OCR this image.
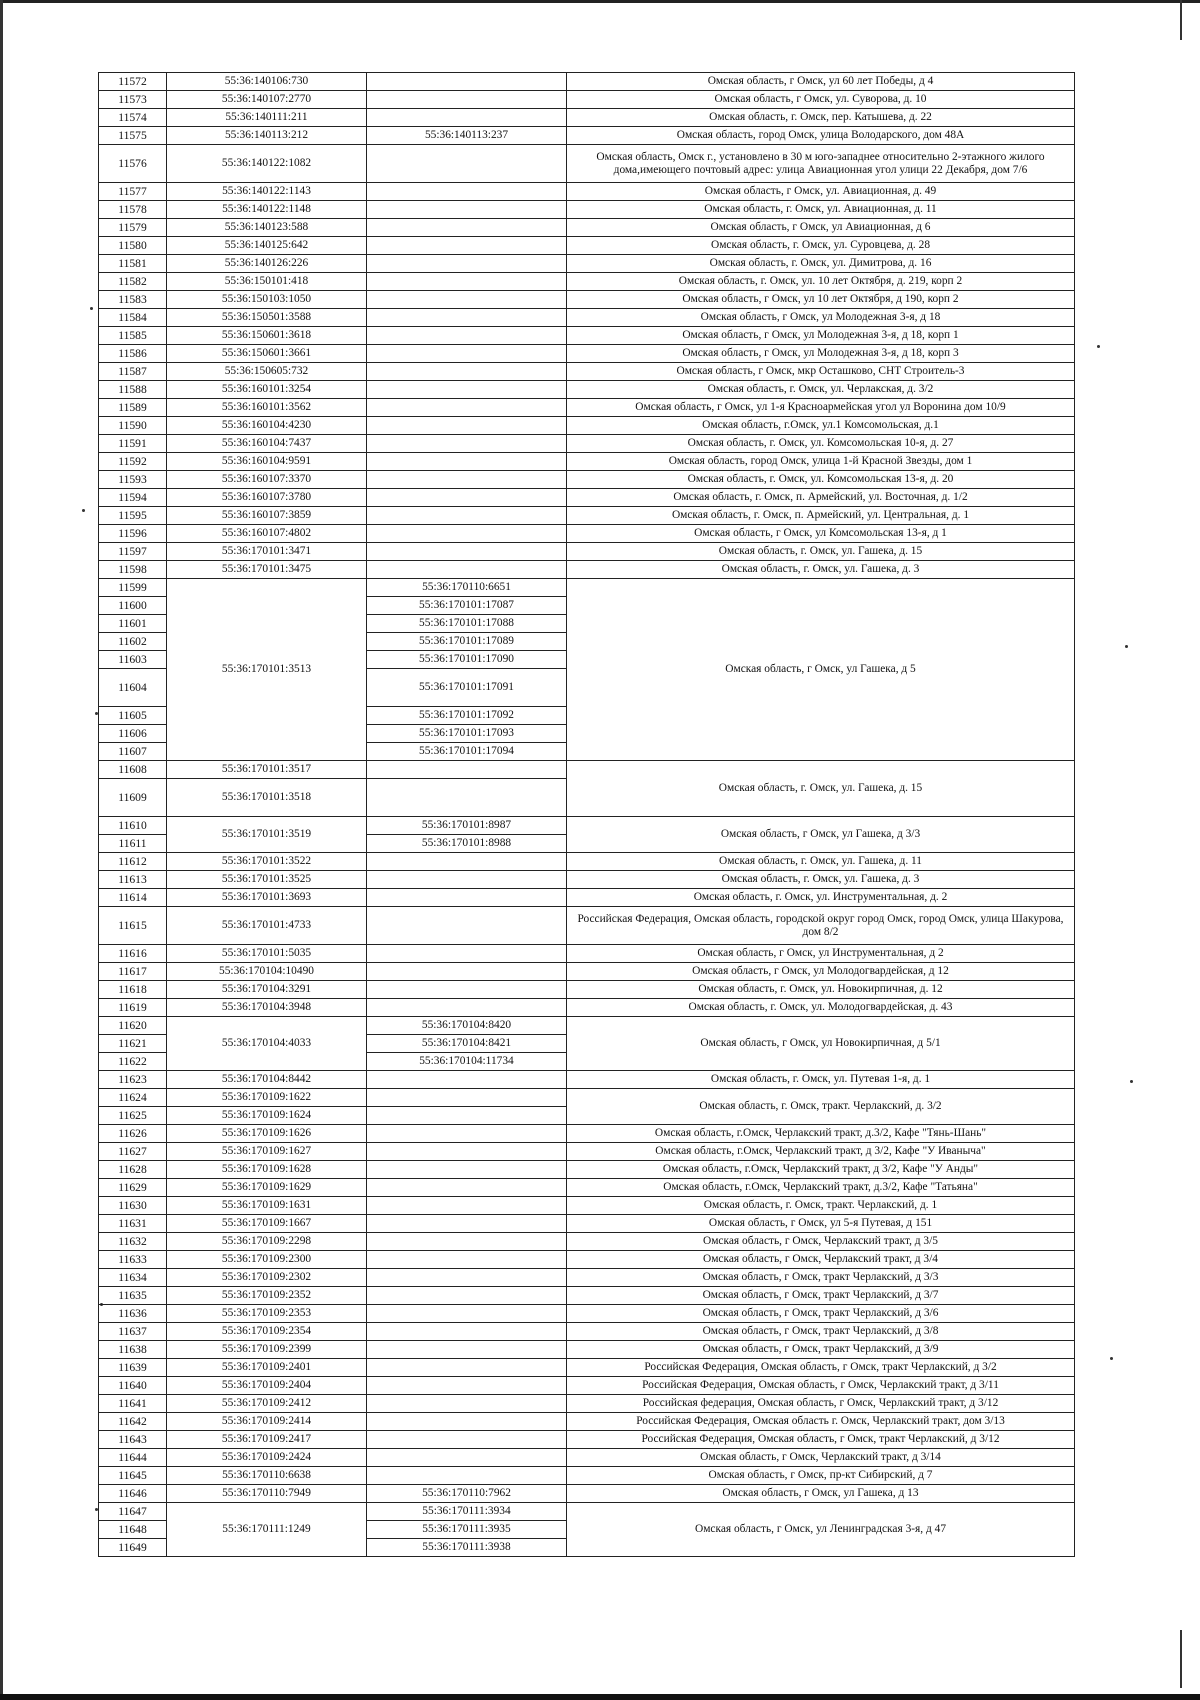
11572	55:36:140106:730		Омская область, г Омск, ул 60 лет Победы, д 4
11573	55:36:140107:2770		Омская область, г Омск, ул. Суворова, д. 10
11574	55:36:140111:211		Омская область, г. Омск, пер. Катышева, д. 22
11575	55:36:140113:212	55:36:140113:237	Омская область, город Омск, улица Володарского, дом 48А
11576	55:36:140122:1082		Омская область, Омск г., установлено в 30 м юго-западнее относительно 2-этажного жилого дома,имеющего почтовый адрес: улица Авиационная угол улици 22 Декабря, дом 7/6
11577	55:36:140122:1143		Омская область, г Омск, ул. Авиационная, д. 49
11578	55:36:140122:1148		Омская область, г. Омск, ул. Авиационная, д. 11
11579	55:36:140123:588		Омская область, г Омск, ул Авиационная, д 6
11580	55:36:140125:642		Омская область, г. Омск, ул. Суровцева, д. 28
11581	55:36:140126:226		Омская область, г. Омск, ул. Димитрова, д. 16
11582	55:36:150101:418		Омская область, г. Омск, ул. 10 лет Октября, д. 219, корп 2
11583	55:36:150103:1050		Омская область, г Омск, ул 10 лет Октября, д 190, корп 2
11584	55:36:150501:3588		Омская область, г Омск, ул Молодежная 3-я, д 18
11585	55:36:150601:3618		Омская область, г Омск, ул Молодежная 3-я, д 18, корп 1
11586	55:36:150601:3661		Омская область, г Омск, ул Молодежная 3-я, д 18, корп 3
11587	55:36:150605:732		Омская область, г Омск, мкр Осташково, СНТ Строитель-3
11588	55:36:160101:3254		Омская область, г. Омск, ул. Черлакская, д. 3/2
11589	55:36:160101:3562		Омская область, г Омск, ул 1-я Красноармейская угол ул Воронина дом 10/9
11590	55:36:160104:4230		Омская область, г.Омск, ул.1 Комсомольская, д.1
11591	55:36:160104:7437		Омская область, г. Омск, ул. Комсомольская 10-я, д. 27
11592	55:36:160104:9591		Омская область, город Омск, улица 1-й Красной Звезды, дом 1
11593	55:36:160107:3370		Омская область, г. Омск, ул. Комсомольская 13-я, д. 20
11594	55:36:160107:3780		Омская область, г. Омск, п. Армейский, ул. Восточная, д. 1/2
11595	55:36:160107:3859		Омская область, г. Омск, п. Армейский, ул. Центральная, д. 1
11596	55:36:160107:4802		Омская область, г Омск, ул Комсомольская 13-я, д 1
11597	55:36:170101:3471		Омская область, г. Омск, ул. Гашека, д. 15
11598	55:36:170101:3475		Омская область, г. Омск, ул. Гашека, д. 3
11599	55:36:170101:3513	55:36:170110:6651	Омская область, г Омск, ул Гашека, д 5
11600		55:36:170101:17087	
11601		55:36:170101:17088	
11602		55:36:170101:17089	
11603		55:36:170101:17090	
11604		55:36:170101:17091	
11605		55:36:170101:17092	
11606		55:36:170101:17093	
11607		55:36:170101:17094	
11608	55:36:170101:3517		Омская область, г. Омск, ул. Гашека, д. 15
11609	55:36:170101:3518		
11610	55:36:170101:3519	55:36:170101:8987	Омская область, г Омск, ул Гашека, д 3/3
11611		55:36:170101:8988	
11612	55:36:170101:3522		Омская область, г. Омск, ул. Гашека, д. 11
11613	55:36:170101:3525		Омская область, г. Омск, ул. Гашека, д. 3
11614	55:36:170101:3693		Омская область, г. Омск, ул. Инструментальная, д. 2
11615	55:36:170101:4733		Российская Федерация, Омская область, городской округ город Омск, город Омск, улица Шакурова, дом 8/2
11616	55:36:170101:5035		Омская область, г Омск, ул Инструментальная, д 2
11617	55:36:170104:10490		Омская область, г Омск, ул Молодогвардейская, д 12
11618	55:36:170104:3291		Омская область, г. Омск, ул. Новокирпичная, д. 12
11619	55:36:170104:3948		Омская область, г. Омск, ул. Молодогвардейская, д. 43
11620	55:36:170104:4033	55:36:170104:8420	Омская область, г Омск, ул Новокирпичная, д 5/1
11621		55:36:170104:8421	
11622		55:36:170104:11734	
11623	55:36:170104:8442		Омская область, г. Омск, ул. Путевая 1-я, д. 1
11624	55:36:170109:1622		Омская область, г. Омск, тракт. Черлакский, д. 3/2
11625	55:36:170109:1624		
11626	55:36:170109:1626		Омская область, г.Омск, Черлакский тракт, д.3/2, Кафе "Тянь-Шань"
11627	55:36:170109:1627		Омская область, г.Омск, Черлакский тракт, д 3/2, Кафе "У Иваныча"
11628	55:36:170109:1628		Омская область, г.Омск, Черлакский тракт, д 3/2, Кафе "У Анды"
11629	55:36:170109:1629		Омская область, г.Омск, Черлакский тракт, д.3/2, Кафе "Татьяна"
11630	55:36:170109:1631		Омская область, г. Омск, тракт. Черлакский, д. 1
11631	55:36:170109:1667		Омская область, г Омск, ул 5-я Путевая, д 151
11632	55:36:170109:2298		Омская область, г Омск, Черлакский тракт, д 3/5
11633	55:36:170109:2300		Омская область, г Омск, Черлакский тракт, д 3/4
11634	55:36:170109:2302		Омская область, г Омск, тракт Черлакский, д 3/3
11635	55:36:170109:2352		Омская область, г Омск, тракт Черлакский, д 3/7
11636	55:36:170109:2353		Омская область, г Омск, тракт Черлакский, д 3/6
11637	55:36:170109:2354		Омская область, г Омск, тракт Черлакский, д 3/8
11638	55:36:170109:2399		Омская область, г Омск, тракт Черлакский, д 3/9
11639	55:36:170109:2401		Российская Федерация, Омская область, г Омск, тракт Черлакский, д 3/2
11640	55:36:170109:2404		Российская Федерация, Омская область, г Омск, Черлакский тракт, д 3/11
11641	55:36:170109:2412		Российская федерация, Омская область, г Омск, Черлакский тракт, д 3/12
11642	55:36:170109:2414		Российская Федерация, Омская область г. Омск, Черлакский тракт, дом 3/13
11643	55:36:170109:2417		Российская Федерация, Омская область, г Омск, тракт Черлакский, д 3/12
11644	55:36:170109:2424		Омская область, г Омск, Черлакский тракт, д 3/14
11645	55:36:170110:6638		Омская область, г Омск, пр-кт Сибирский, д 7
11646	55:36:170110:7949	55:36:170110:7962	Омская область, г Омск, ул Гашека, д 13
11647	55:36:170111:1249	55:36:170111:3934	Омская область, г Омск, ул Ленинградская 3-я, д 47
11648		55:36:170111:3935	
11649		55:36:170111:3938	
